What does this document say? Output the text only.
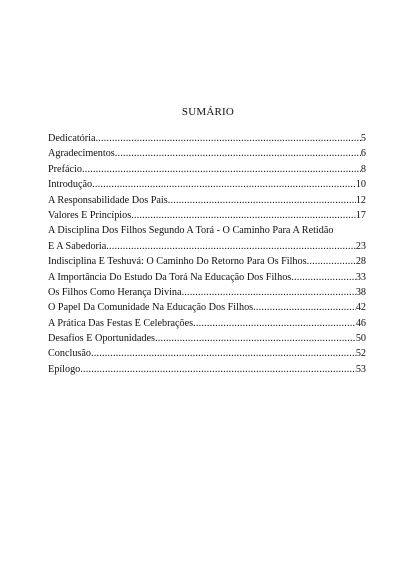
SUMÁRIO
Dedicatória .....	5
Agradecimentos .....	6
Prefácio .....	8
Introdução .....	10
A Responsabilidade Dos Pais .....	12
Valores E Princípios .....	17
A Disciplina Dos Filhos Segundo A Torá - O Caminho Para A Retidão
E A Sabedoria .....	23
Indisciplina E Teshuvá: O Caminho Do Retorno Para Os Filhos .....	28
A Importância Do Estudo Da Torá Na Educação Dos Filhos .....	33
Os Filhos Como Herança Divina .....	38
O Papel Da Comunidade Na Educação Dos Filhos .....	42
A Prática Das Festas E Celebrações .....	46
Desafios E Oportunidades .....	50
Conclusão .....	52
Epílogo .....	53
